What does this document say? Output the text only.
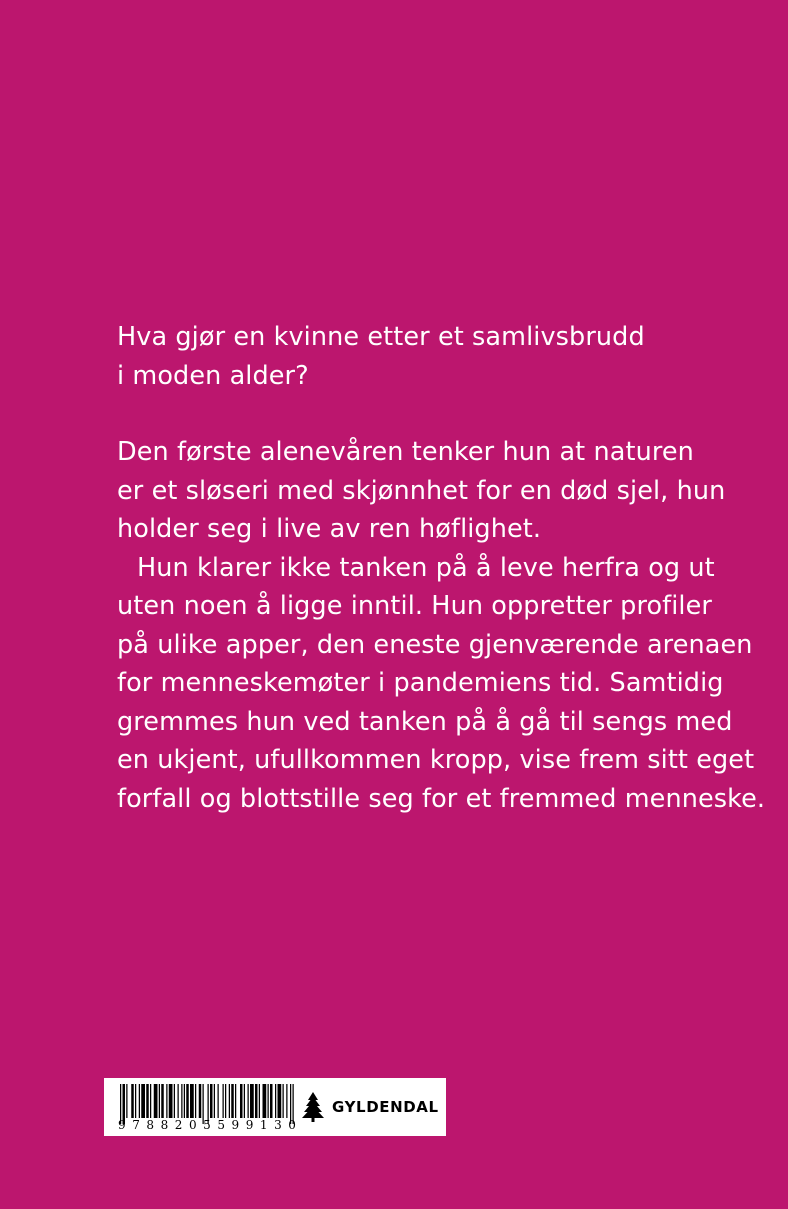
Hva gjør en kvinne etter et samlivsbrudd
i moden alder?
Den første alenevåren tenker hun at naturen
er et sløseri med skjønnhet for en død sjel, hun
holder seg i live av ren høflighet.
Hun klarer ikke tanken på å leve herfra og ut
uten noen å ligge inntil. Hun oppretter profiler
på ulike apper, den eneste gjenværende arenaen
for menneskemøter i pandemiens tid. Samtidig
gremmes hun ved tanken på å gå til sengs med
en ukjent, ufullkommen kropp, vise frem sitt eget
forfall og blottstille seg for et fremmed menneske.
9 7 8 8 2 0 5 5 9 9 1 3 0
GYLDENDAL
